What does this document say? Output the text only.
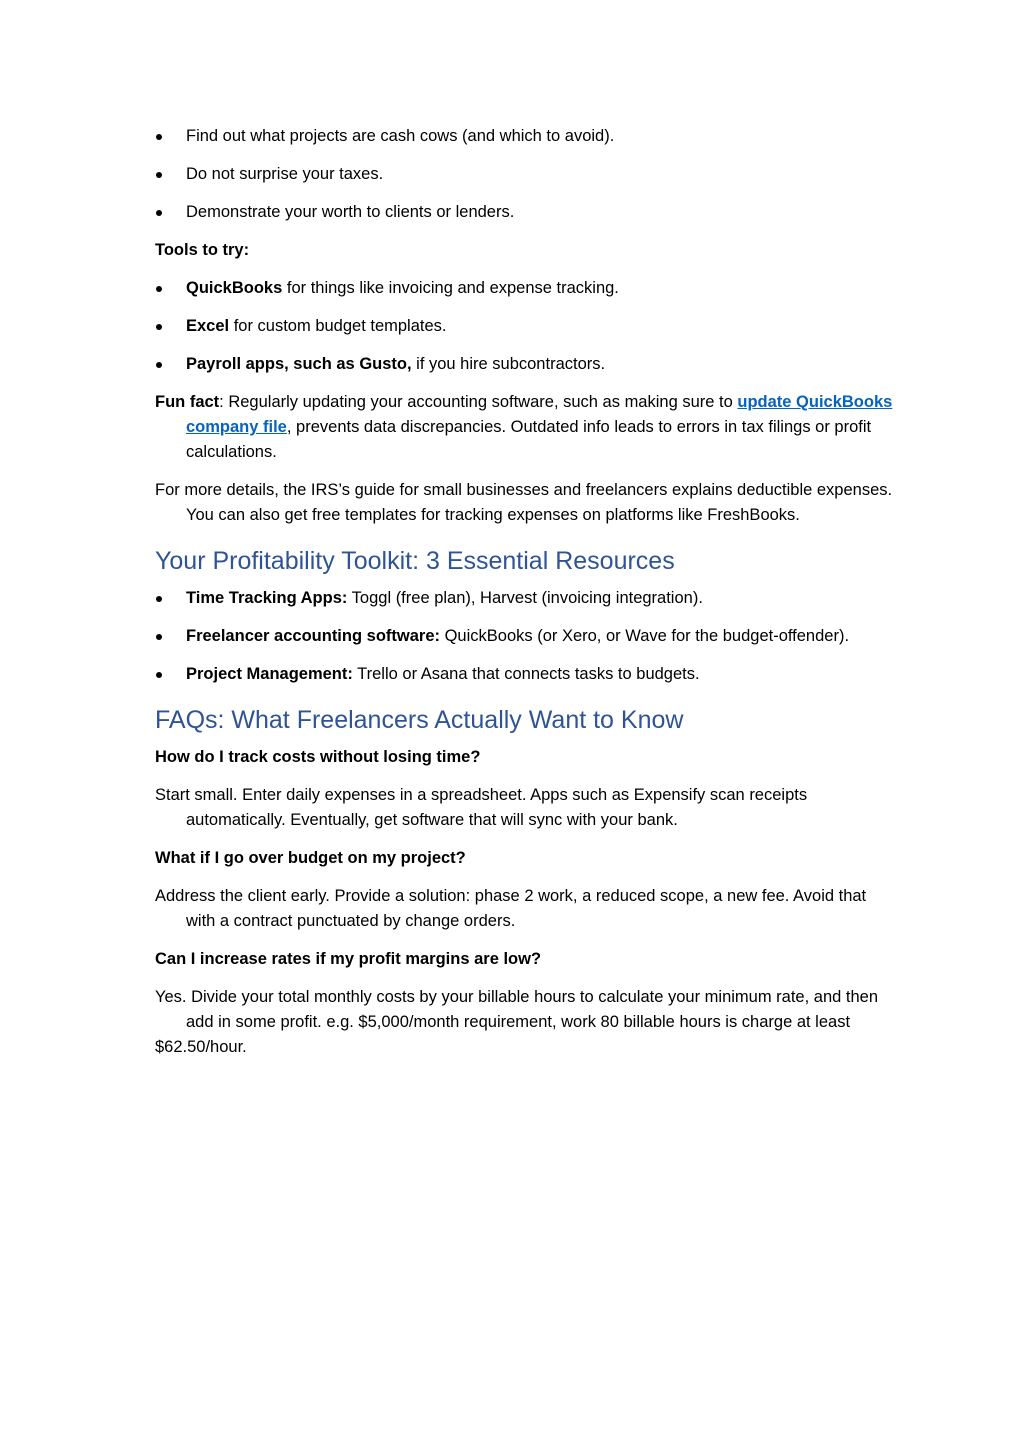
Find out what projects are cash cows (and which to avoid).
Do not surprise your taxes.
Demonstrate your worth to clients or lenders.

Tools to try:

QuickBooks for things like invoicing and expense tracking.
Excel for custom budget templates.
Payroll apps, such as Gusto, if you hire subcontractors.

Fun fact: Regularly updating your accounting software, such as making sure to update QuickBooks company file, prevents data discrepancies. Outdated info leads to errors in tax filings or profit calculations.

For more details, the IRS’s guide for small businesses and freelancers explains deductible expenses. You can also get free templates for tracking expenses on platforms like FreshBooks.

Your Profitability Toolkit: 3 Essential Resources
Time Tracking Apps: Toggl (free plan), Harvest (invoicing integration).
Freelancer accounting software: QuickBooks (or Xero, or Wave for the budget-offender).
Project Management: Trello or Asana that connects tasks to budgets.
FAQs: What Freelancers Actually Want to Know

How do I track costs without losing time?

Start small. Enter daily expenses in a spreadsheet. Apps such as Expensify scan receipts automatically. Eventually, get software that will sync with your bank.

What if I go over budget on my project?

Address the client early. Provide a solution: phase 2 work, a reduced scope, a new fee. Avoid that with a contract punctuated by change orders.

Can I increase rates if my profit margins are low?

Yes. Divide your total monthly costs by your billable hours to calculate your minimum rate, and then add in some profit. e.g. $5,000/month requirement, work 80 billable hours is charge at least

$62.50/hour.
